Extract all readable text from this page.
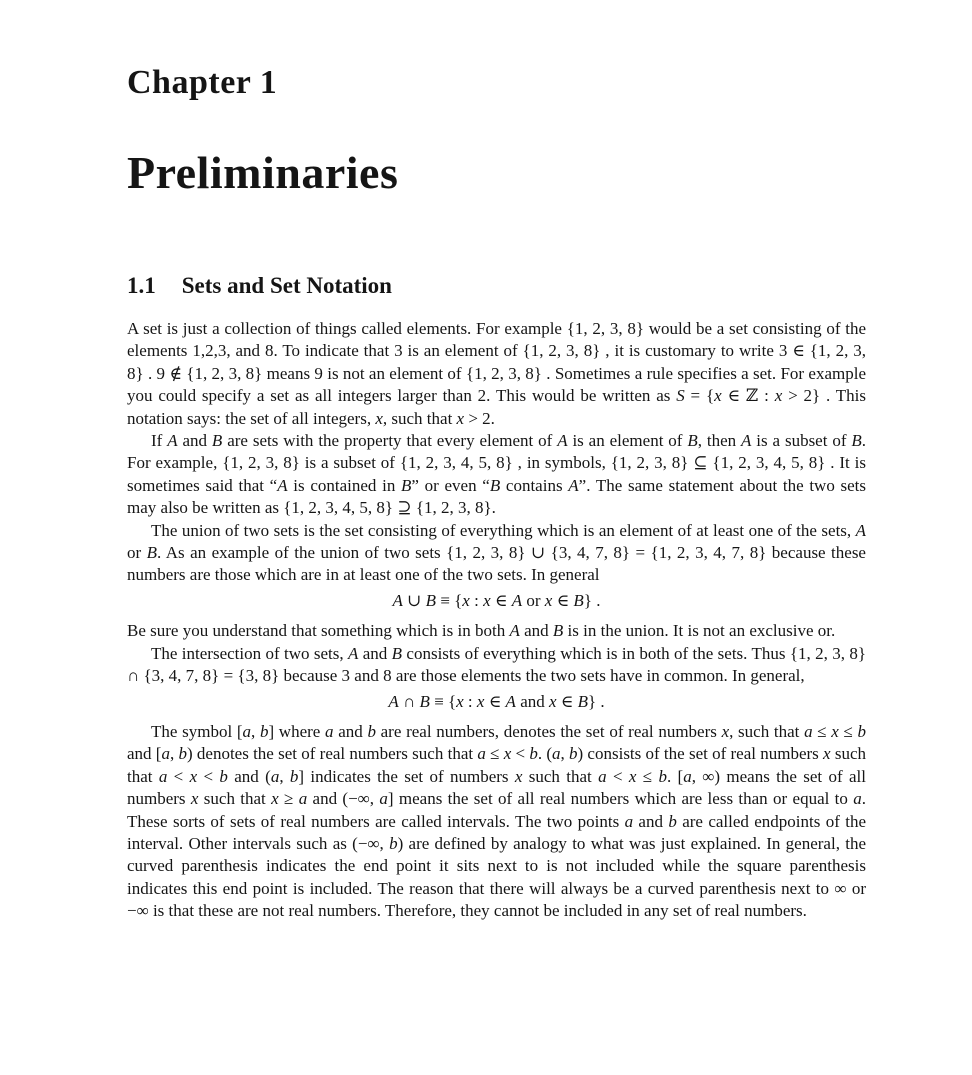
Chapter 1
Preliminaries
1.1 Sets and Set Notation

A set is just a collection of things called elements. For example {1, 2, 3, 8} would be a set consisting of the elements 1,2,3, and 8. To indicate that 3 is an element of {1, 2, 3, 8} , it is customary to write 3 ∈ {1, 2, 3, 8} . 9 ∉ {1, 2, 3, 8} means 9 is not an element of {1, 2, 3, 8} . Sometimes a rule specifies a set. For example you could specify a set as all integers larger than 2. This would be written as S = {x ∈ ℤ : x > 2} . This notation says: the set of all integers, x, such that x > 2.

If A and B are sets with the property that every element of A is an element of B, then A is a subset of B. For example, {1, 2, 3, 8} is a subset of {1, 2, 3, 4, 5, 8} , in symbols, {1, 2, 3, 8} ⊆ {1, 2, 3, 4, 5, 8} . It is sometimes said that “A is contained in B” or even “B contains A”. The same statement about the two sets may also be written as {1, 2, 3, 4, 5, 8} ⊇ {1, 2, 3, 8}.

The union of two sets is the set consisting of everything which is an element of at least one of the sets, A or B. As an example of the union of two sets {1, 2, 3, 8} ∪ {3, 4, 7, 8} = {1, 2, 3, 4, 7, 8} because these numbers are those which are in at least one of the two sets. In general

A ∪ B ≡ {x : x ∈ A or x ∈ B} .

Be sure you understand that something which is in both A and B is in the union. It is not an exclusive or.

The intersection of two sets, A and B consists of everything which is in both of the sets. Thus {1, 2, 3, 8} ∩ {3, 4, 7, 8} = {3, 8} because 3 and 8 are those elements the two sets have in common. In general,

A ∩ B ≡ {x : x ∈ A and x ∈ B} .

The symbol [a, b] where a and b are real numbers, denotes the set of real numbers x, such that a ≤ x ≤ b and [a, b) denotes the set of real numbers such that a ≤ x < b. (a, b) consists of the set of real numbers x such that a < x < b and (a, b] indicates the set of numbers x such that a < x ≤ b. [a, ∞) means the set of all numbers x such that x ≥ a and (−∞, a] means the set of all real numbers which are less than or equal to a. These sorts of sets of real numbers are called intervals. The two points a and b are called endpoints of the interval. Other intervals such as (−∞, b) are defined by analogy to what was just explained. In general, the curved parenthesis indicates the end point it sits next to is not included while the square parenthesis indicates this end point is included. The reason that there will always be a curved parenthesis next to ∞ or −∞ is that these are not real numbers. Therefore, they cannot be included in any set of real numbers.
